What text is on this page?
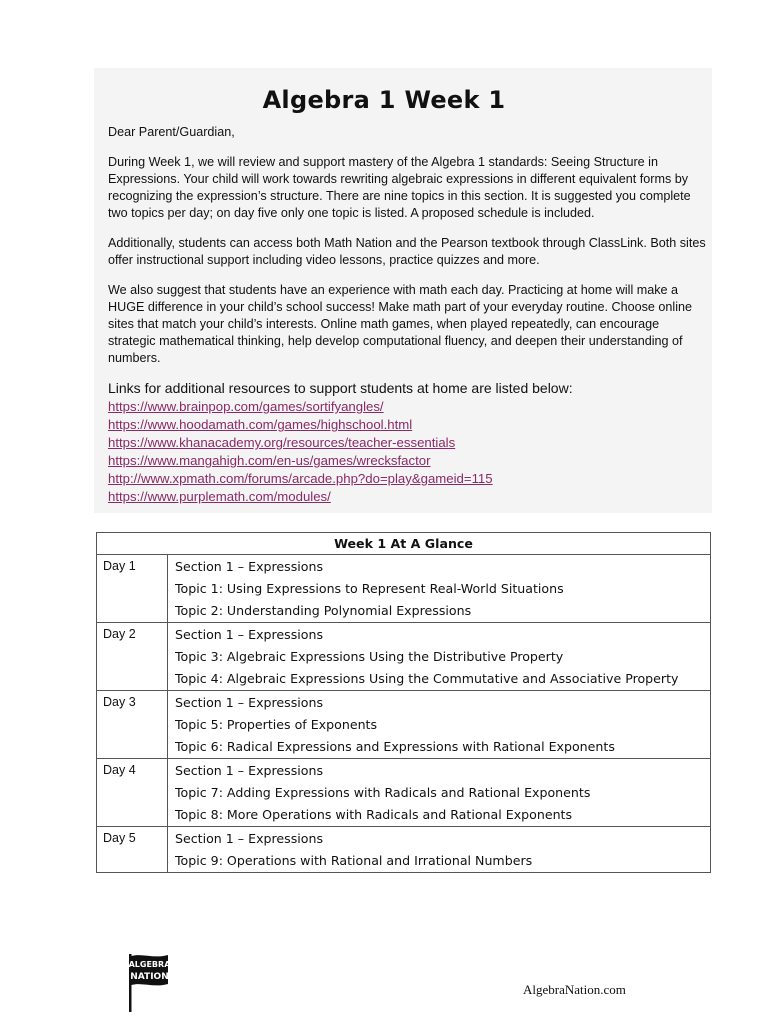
Algebra 1 Week 1

Dear Parent/Guardian,

During Week 1, we will review and support mastery of the Algebra 1 standards: Seeing Structure in Expressions. Your child will work towards rewriting algebraic expressions in different equivalent forms by recognizing the expression’s structure. There are nine topics in this section. It is suggested you complete two topics per day; on day five only one topic is listed. A proposed schedule is included.

Additionally, students can access both Math Nation and the Pearson textbook through ClassLink. Both sites offer instructional support including video lessons, practice quizzes and more.

We also suggest that students have an experience with math each day. Practicing at home will make a HUGE difference in your child’s school success! Make math part of your everyday routine. Choose online sites that match your child’s interests. Online math games, when played repeatedly, can encourage strategic mathematical thinking, help develop computational fluency, and deepen their understanding of numbers.

Links for additional resources to support students at home are listed below:
https://www.brainpop.com/games/sortifyangles/
https://www.hoodamath.com/games/highschool.html
https://www.khanacademy.org/resources/teacher-essentials
https://www.mangahigh.com/en-us/games/wrecksfactor
http://www.xpmath.com/forums/arcade.php?do=play&gameid=115
https://www.purplemath.com/modules/
Week 1 At A Glance	
Day 1	Section 1 – Expressions
Topic 1: Using Expressions to Represent Real-World Situations
Topic 2: Understanding Polynomial Expressions

Day 2	Section 1 – Expressions
Topic 3: Algebraic Expressions Using the Distributive Property
Topic 4: Algebraic Expressions Using the Commutative and Associative Property

Day 3	Section 1 – Expressions
Topic 5: Properties of Exponents
Topic 6: Radical Expressions and Expressions with Rational Exponents

Day 4	Section 1 – Expressions
Topic 7: Adding Expressions with Radicals and Rational Exponents
Topic 8: More Operations with Radicals and Rational Exponents

Day 5	Section 1 – Expressions
Topic 9: Operations with Rational and Irrational Numbers
ALGEBRA
NATION
AlgebraNation.com
